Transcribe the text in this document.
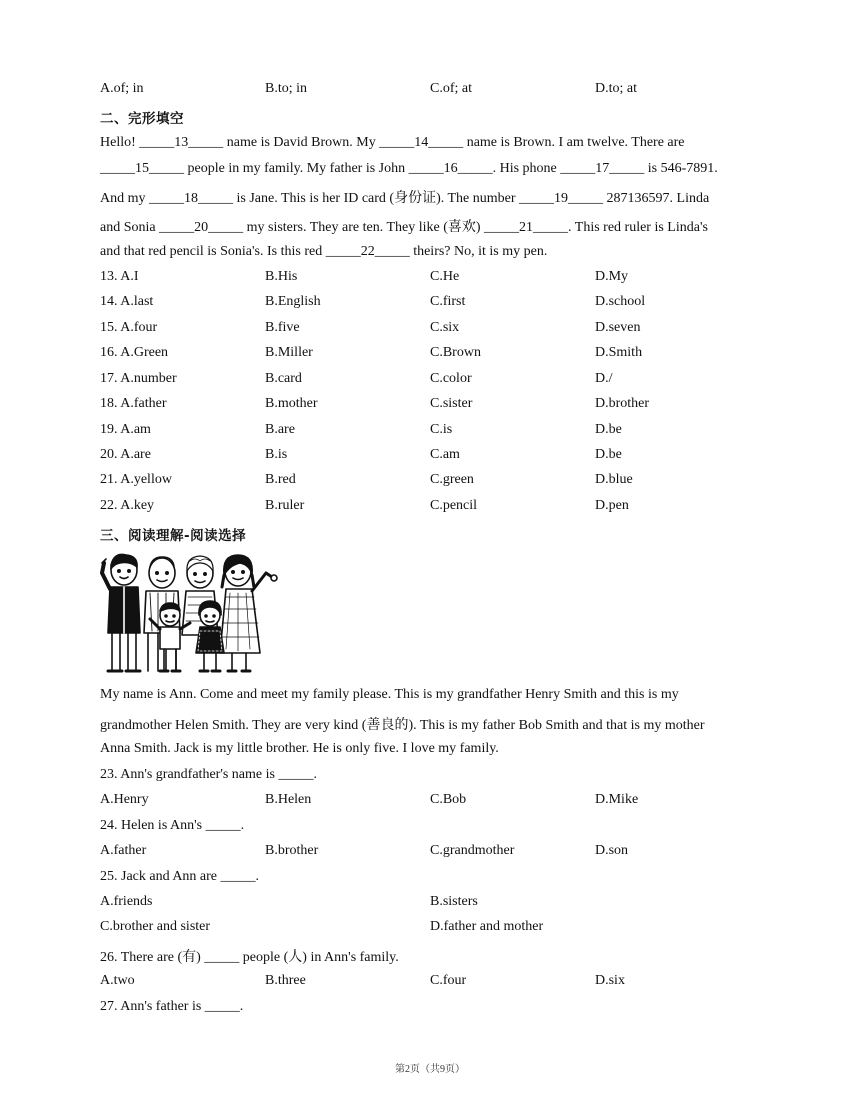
A.of; in	B.to; in	C.of; at	D.to; at
二、完形填空
Hello! _____13_____ name is David Brown. My _____14_____ name is Brown. I am twelve. There are
_____15_____ people in my family. My father is John _____16_____. His phone _____17_____ is 546-7891.
And my _____18_____ is Jane. This is her ID card (身份证). The number _____19_____ 287136597. Linda
and Sonia _____20_____ my sisters. They are ten. They like (喜欢) _____21_____. This red ruler is Linda's
and that red pencil is Sonia's. Is this red _____22_____ theirs? No, it is my pen.
13. A.I	B.His	C.He	D.My
14. A.last	B.English	C.first	D.school
15. A.four	B.five	C.six	D.seven
16. A.Green	B.Miller	C.Brown	D.Smith
17. A.number	B.card	C.color	D./
18. A.father	B.mother	C.sister	D.brother
19. A.am	B.are	C.is	D.be
20. A.are	B.is	C.am	D.be
21. A.yellow	B.red	C.green	D.blue
22. A.key	B.ruler	C.pencil	D.pen
三、阅读理解-阅读选择
My name is Ann. Come and meet my family please. This is my grandfather Henry Smith and this is my
grandmother Helen Smith. They are very kind (善良的). This is my father Bob Smith and that is my mother
Anna Smith. Jack is my little brother. He is only five. I love my family.
23. Ann's grandfather's name is _____.
A.Henry	B.Helen	C.Bob	D.Mike
24. Helen is Ann's _____.
A.father	B.brother	C.grandmother	D.son
25. Jack and Ann are _____.
A.friends	B.sisters
C.brother and sister	D.father and mother
26. There are (有) _____ people (人) in Ann's family.
A.two	B.three	C.four	D.six
27. Ann's father is _____.
第2页（共9页）
